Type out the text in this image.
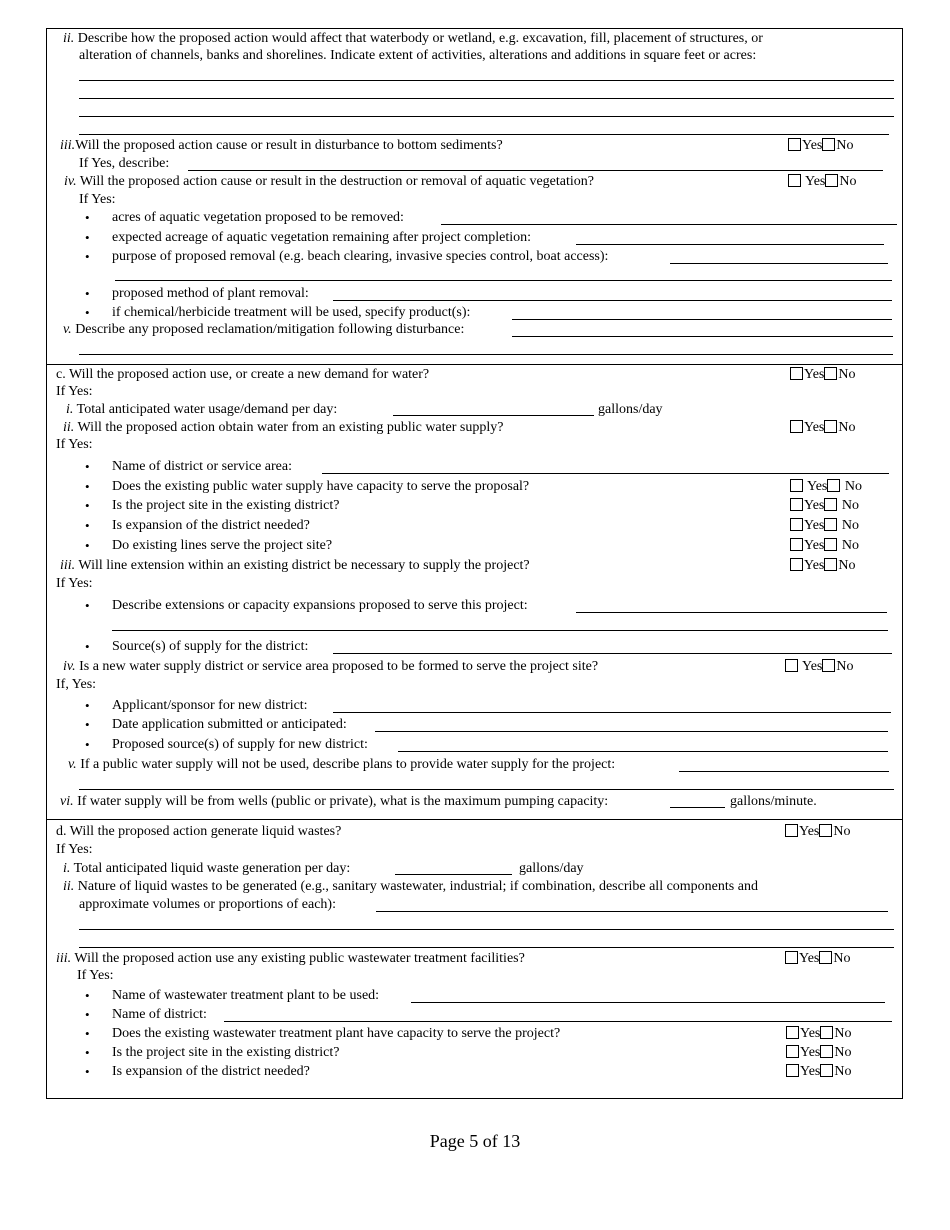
ii. Describe how the proposed action would affect that waterbody or wetland, e.g. excavation, fill, placement of structures, or
alteration of channels, banks and shorelines. Indicate extent of activities, alterations and additions in square feet or acres:
iii.Will the proposed action cause or result in disturbance to bottom sediments?	Yes No
If Yes, describe:
iv. Will the proposed action cause or result in the destruction or removal of aquatic vegetation?	Yes No
If Yes:
• acres of aquatic vegetation proposed to be removed:
• expected acreage of aquatic vegetation remaining after project completion:
• purpose of proposed removal (e.g. beach clearing, invasive species control, boat access):
• proposed method of plant removal:
• if chemical/herbicide treatment will be used, specify product(s):
v. Describe any proposed reclamation/mitigation following disturbance:
c. Will the proposed action use, or create a new demand for water?	Yes No
If Yes:
i. Total anticipated water usage/demand per day:	gallons/day
ii. Will the proposed action obtain water from an existing public water supply?	Yes No
If Yes:
• Name of district or service area:
• Does the existing public water supply have capacity to serve the proposal?	Yes No
• Is the project site in the existing district?	Yes No
• Is expansion of the district needed?	Yes No
• Do existing lines serve the project site?	Yes No
iii. Will line extension within an existing district be necessary to supply the project?	Yes No
If Yes:
• Describe extensions or capacity expansions proposed to serve this project:
• Source(s) of supply for the district:
iv. Is a new water supply district or service area proposed to be formed to serve the project site?	Yes No
If, Yes:
• Applicant/sponsor for new district:
• Date application submitted or anticipated:
• Proposed source(s) of supply for new district:
v. If a public water supply will not be used, describe plans to provide water supply for the project:
vi. If water supply will be from wells (public or private), what is the maximum pumping capacity:	gallons/minute.
d. Will the proposed action generate liquid wastes?	Yes No
If Yes:
i. Total anticipated liquid waste generation per day:	gallons/day
ii. Nature of liquid wastes to be generated (e.g., sanitary wastewater, industrial; if combination, describe all components and
approximate volumes or proportions of each):
iii. Will the proposed action use any existing public wastewater treatment facilities?	Yes No
If Yes:
• Name of wastewater treatment plant to be used:
• Name of district:
• Does the existing wastewater treatment plant have capacity to serve the project?	Yes No
• Is the project site in the existing district?	Yes No
• Is expansion of the district needed?	Yes No
Page 5 of 13
